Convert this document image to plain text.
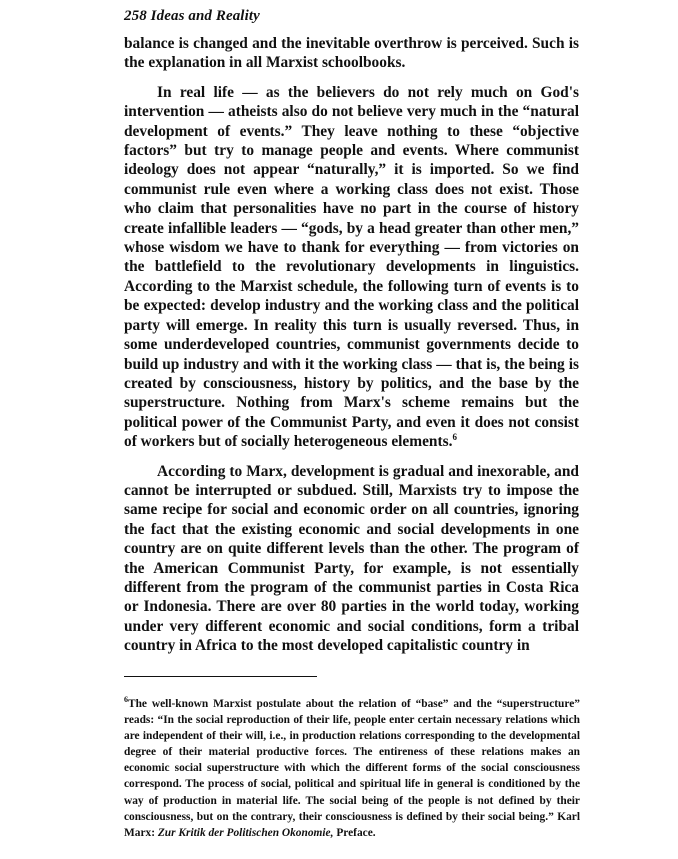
258 Ideas and Reality

balance is changed and the inevitable overthrow is perceived. Such is the explanation in all Marxist schoolbooks.

In real life — as the believers do not rely much on God's intervention — atheists also do not believe very much in the “natural development of events.” They leave nothing to these “objective factors” but try to manage people and events. Where communist ideology does not appear “naturally,” it is imported. So we find communist rule even where a working class does not exist. Those who claim that personalities have no part in the course of history create infallible leaders — “gods, by a head greater than other men,” whose wisdom we have to thank for everything — from victories on the battlefield to the revolutionary developments in linguistics. According to the Marxist schedule, the following turn of events is to be expected: develop industry and the working class and the political party will emerge. In reality this turn is usually reversed. Thus, in some underdeveloped countries, communist governments decide to build up industry and with it the working class — that is, the being is created by consciousness, history by politics, and the base by the superstructure. Nothing from Marx's scheme remains but the political power of the Communist Party, and even it does not consist of workers but of socially heterogeneous elements.$^6$

According to Marx, development is gradual and inexorable, and cannot be interrupted or subdued. Still, Marxists try to impose the same recipe for social and economic order on all countries, ignoring the fact that the existing economic and social developments in one country are on quite different levels than the other. The program of the American Communist Party, for example, is not essentially different from the program of the communist parties in Costa Rica or Indonesia. There are over 80 parties in the world today, working under very different economic and social conditions, form a tribal country in Africa to the most developed capitalistic country in

$^6$The well-known Marxist postulate about the relation of “base” and the “superstructure” reads: “In the social reproduction of their life, people enter certain necessary relations which are independent of their will, i.e., in production relations corresponding to the developmental degree of their material productive forces. The entireness of these relations makes an economic social superstructure with which the different forms of the social consciousness correspond. The process of social, political and spiritual life in general is conditioned by the way of production in material life. The social being of the people is not defined by their consciousness, but on the contrary, their consciousness is defined by their social being.” Karl Marx: Zur Kritik der Politischen Okonomie, Preface.
